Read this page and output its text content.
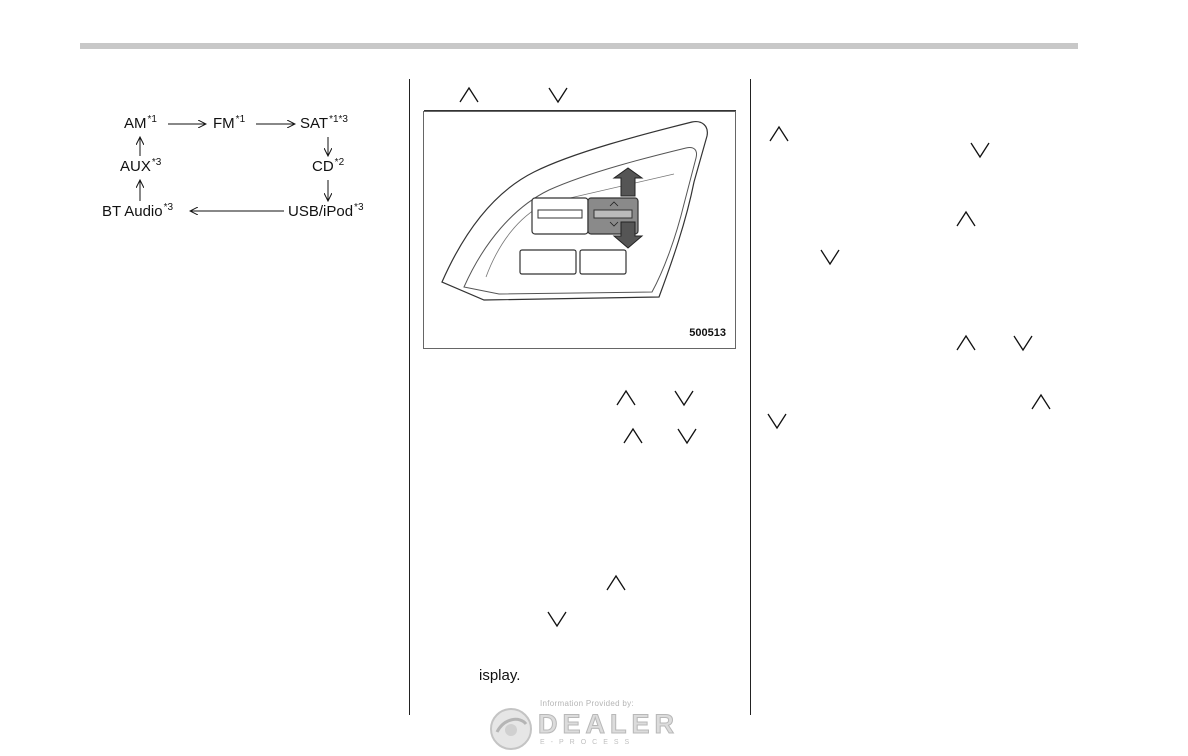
AM$^{*1}$	FM$^{*1}$	$SAT^{*1*3}$
CD$^{*2}$
USB/iPod$^{*3}$
BT Audio$^{*3}$
AUX$^{*3}$
500513
isplay.
Information Provided by:
DEALER
E-PROCESS
